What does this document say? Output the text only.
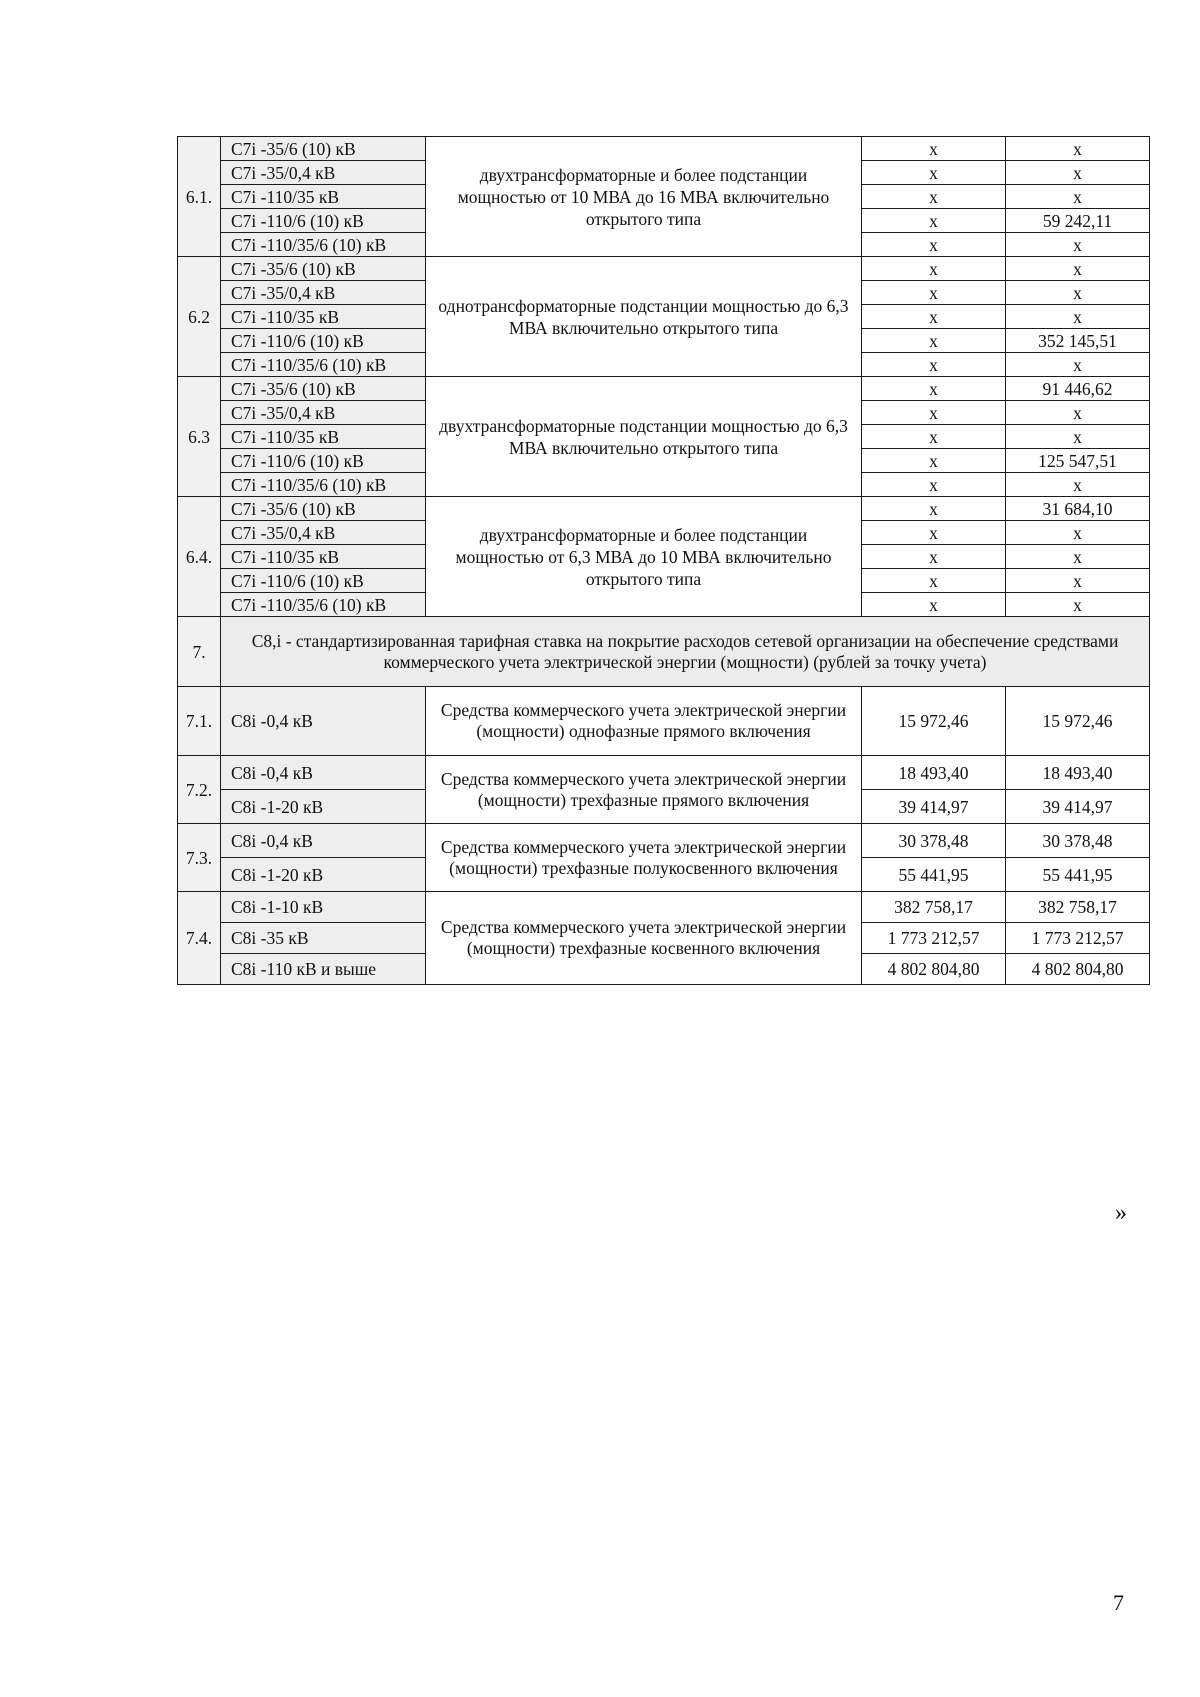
6.1.	C7i -35/6 (10) кВ	двухтрансформаторные и более подстанции мощностью от 10 МВА до 16 МВА включительно открытого типа	x	x
	C7i -35/0,4 кВ		x	x
	C7i -110/35 кВ		x	x
	C7i -110/6 (10) кВ		x	59 242,11
	C7i -110/35/6 (10) кВ		x	x
6.2	C7i -35/6 (10) кВ	однотрансформаторные подстанции мощностью до 6,3 МВА включительно открытого типа	x	x
	C7i -35/0,4 кВ		x	x
	C7i -110/35 кВ		x	x
	C7i -110/6 (10) кВ		x	352 145,51
	C7i -110/35/6 (10) кВ		x	x
6.3	C7i -35/6 (10) кВ	двухтрансформаторные подстанции мощностью до 6,3 МВА включительно открытого типа	x	91 446,62
	C7i -35/0,4 кВ		x	x
	C7i -110/35 кВ		x	x
	C7i -110/6 (10) кВ		x	125 547,51
	C7i -110/35/6 (10) кВ		x	x
6.4.	C7i -35/6 (10) кВ	двухтрансформаторные и более подстанции мощностью от 6,3 МВА до 10 МВА включительно открытого типа	x	31 684,10
	C7i -35/0,4 кВ		x	x
	C7i -110/35 кВ		x	x
	C7i -110/6 (10) кВ		x	x
	C7i -110/35/6 (10) кВ		x	x
7.	C8,i - стандартизированная тарифная ставка на покрытие расходов сетевой организации на обеспечение средствами коммерческого учета электрической энергии (мощности) (рублей за точку учета)			
7.1.	C8i -0,4 кВ	Средства коммерческого учета электрической энергии (мощности) однофазные прямого включения	15 972,46	15 972,46
7.2.	C8i -0,4 кВ	Средства коммерческого учета электрической энергии (мощности) трехфазные прямого включения	18 493,40	18 493,40
	C8i -1-20 кВ		39 414,97	39 414,97
7.3.	C8i -0,4 кВ	Средства коммерческого учета электрической энергии (мощности) трехфазные полукосвенного включения	30 378,48	30 378,48
	C8i -1-20 кВ		55 441,95	55 441,95
7.4.	C8i -1-10 кВ	Средства коммерческого учета электрической энергии (мощности) трехфазные косвенного включения	382 758,17	382 758,17
	C8i -35 кВ		1 773 212,57	1 773 212,57
	C8i -110 кВ и выше		4 802 804,80	4 802 804,80
»
7
